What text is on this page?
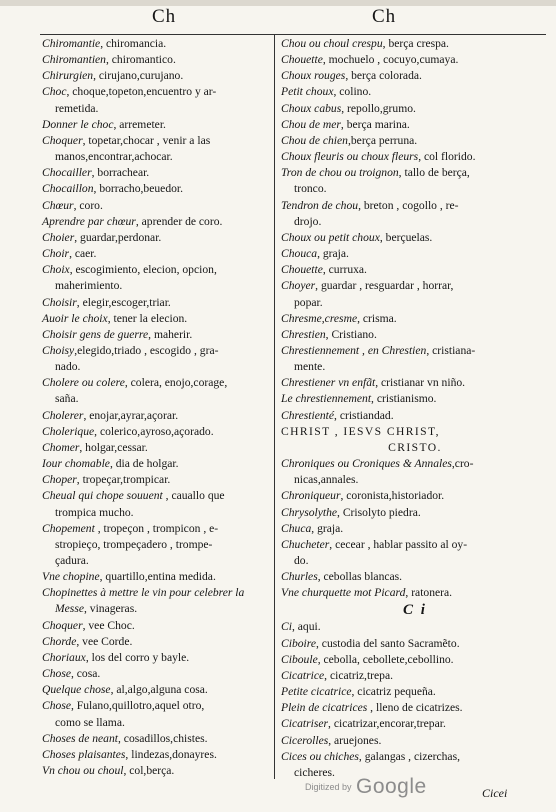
Ch	Ch
Chiromantie, chiromancia.
Chiromantien, chiromantico.
Chirurgien, cirujano,curujano.
Choc, choque,topeton,encuentro y ar-
remetida.
Donner le choc, arremeter.
Choquer, topetar,chocar , venir a las
manos,encontrar,achocar.
Chocailler, borrachear.
Chocaillon, borracho,beuedor.
Chœur, coro.
Aprendre par chœur, aprender de coro.
Choier, guardar,perdonar.
Choir, caer.
Choix, escogimiento, elecion, opcion,
maherimiento.
Choisir, elegir,escoger,triar.
Auoir le choix, tener la elecion.
Choisir gens de guerre, maherir.
Choisy,elegido,triado , escogido , gra-
nado.
Cholere ou colere, colera, enojo,corage,
saña.
Cholerer, enojar,ayrar,açorar.
Cholerique, colerico,ayroso,açorado.
Chomer, holgar,cessar.
Iour chomable, dia de holgar.
Choper, tropeçar,trompicar.
Cheual qui chope souuent , cauallo que
trompica mucho.
Chopement , tropeçon , trompicon , e-
stropieço, trompeçadero , trompe-
çadura.
Vne chopine, quartillo,entina medida.
Chopinettes à mettre le vin pour celebrer la
Messe, vinageras.
Choquer, vee Choc.
Chorde, vee Corde.
Choriaux, los del corro y bayle.
Chose, cosa.
Quelque chose, al,algo,alguna cosa.
Chose, Fulano,quillotro,aquel otro,
como se llama.
Choses de neant, cosadillos,chistes.
Choses plaisantes, lindezas,donayres.
Vn chou ou choul, col,berça.
Chou ou choul crespu, berça crespa.
Chouette, mochuelo , cocuyo,cumaya.
Choux rouges, berça colorada.
Petit choux, colino.
Choux cabus, repollo,grumo.
Chou de mer, berça marina.
Chou de chien,berça perruna.
Choux fleuris ou choux fleurs, col florido.
Tron de chou ou troignon, tallo de berça,
tronco.
Tendron de chou, breton , cogollo , re-
drojo.
Choux ou petit choux, berçuelas.
Chouca, graja.
Chouette, curruxa.
Choyer, guardar , resguardar , horrar,
popar.
Chresme,cresme, crisma.
Chrestien, Cristiano.
Chrestiennement , en Chrestien, cristiana-
mente.
Chrestiener vn enfãt, cristianar vn niño.
Le chrestiennement, cristianismo.
Chrestienté, cristiandad.
CHRIST , IESVS CHRIST,
CRISTO.
Chroniques ou Croniques & Annales,cro-
nicas,annales.
Chroniqueur, coronista,historiador.
Chrysolythe, Crisolyto piedra.
Chuca, graja.
Chucheter, cecear , hablar passito al oy-
do.
Churles, cebollas blancas.
Vne churquette mot Picard, ratonera.
C i
Ci, aqui.
Ciboire, custodia del santo Sacramẽto.
Ciboule, cebolla, cebollete,cebollino.
Cicatrice, cicatriz,trepa.
Petite cicatrice, cicatriz pequeña.
Plein de cicatrices , lleno de cicatrizes.
Cicatriser, cicatrizar,encorar,trepar.
Cicerolles, aruejones.
Cices ou chiches, galangas , cizerchas,
cicheres.
Cicei
Digitized by Google
